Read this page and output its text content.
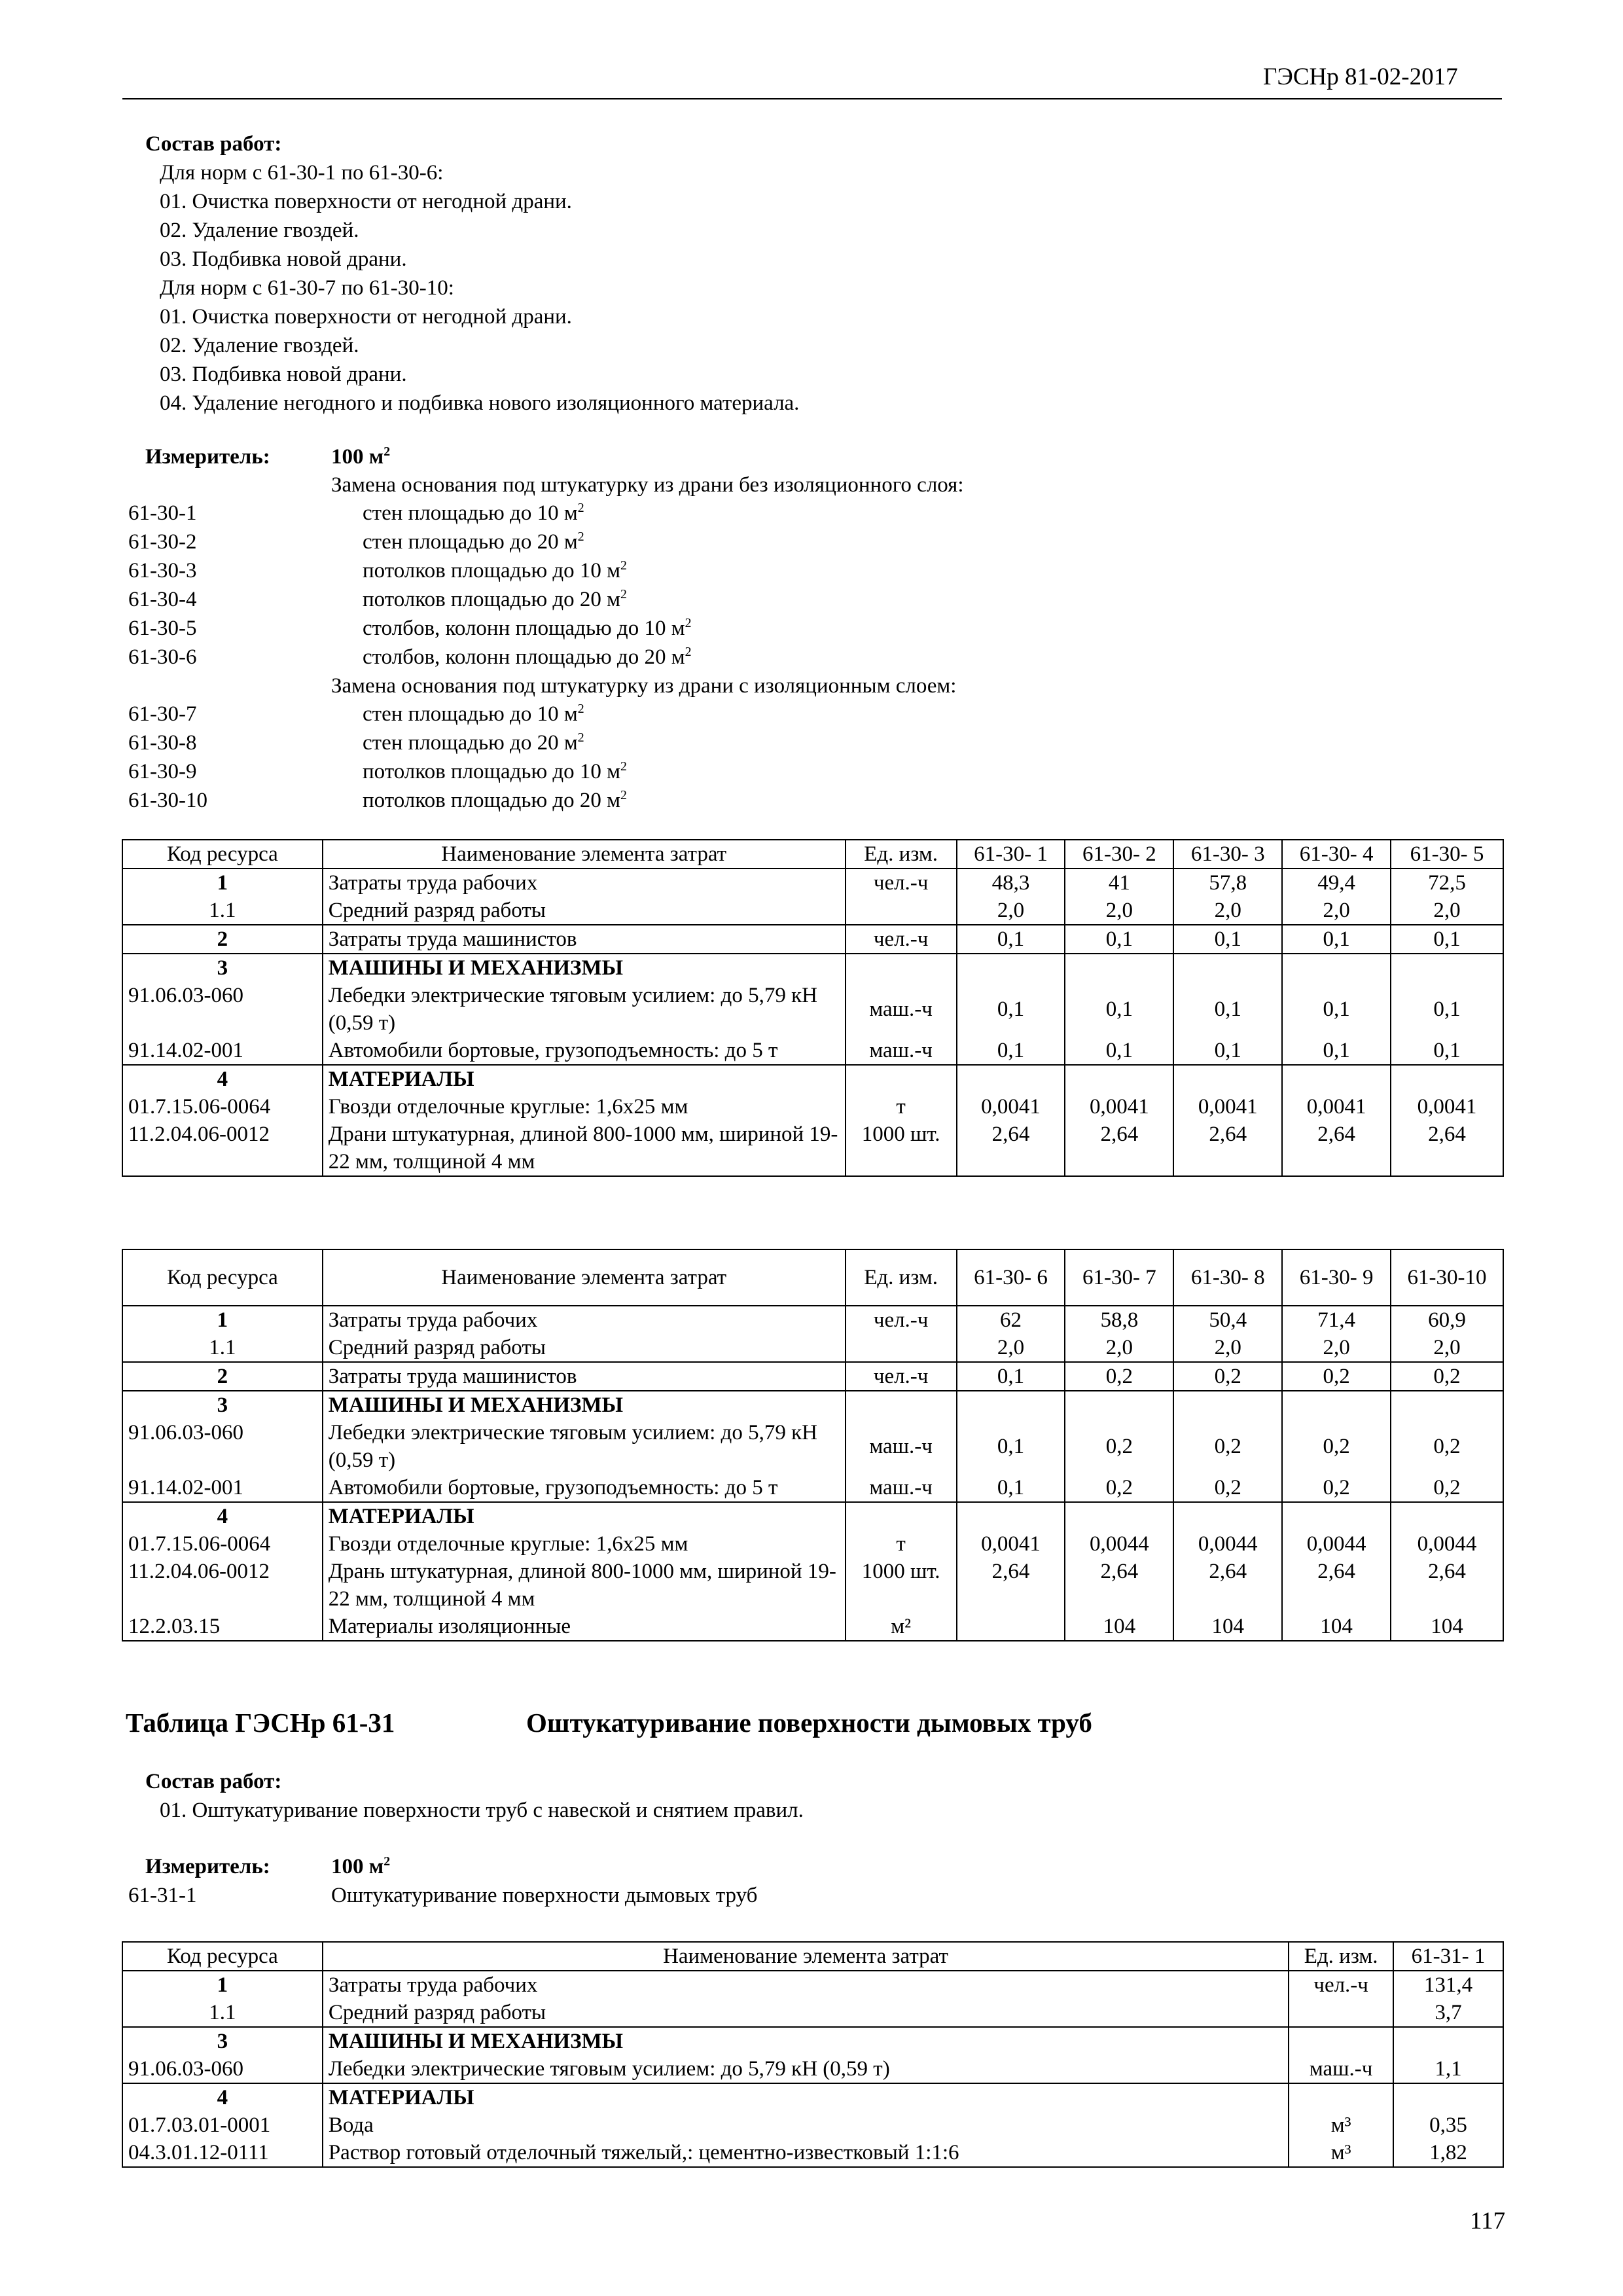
ГЭСНр 81-02-2017
Состав работ:
Для норм с 61-30-1 по 61-30-6:
01. Очистка поверхности от негодной драни.
02. Удаление гвоздей.
03. Подбивка новой драни.
Для норм с 61-30-7 по 61-30-10:
01. Очистка поверхности от негодной драни.
02. Удаление гвоздей.
03. Подбивка новой драни.
04. Удаление негодного и подбивка нового изоляционного материала.
Измеритель:	100 $м^2$
Замена основания под штукатурку из драни без изоляционного слоя:
61-30-1	стен площадью до 10 $м^2$
61-30-2	стен площадью до 20 $м^2$
61-30-3	потолков площадью до 10 $м^2$
61-30-4	потолков площадью до 20 $м^2$
61-30-5	столбов, колонн площадью до 10 $м^2$
61-30-6	столбов, колонн площадью до 20 $м^2$
Замена основания под штукатурку из драни с изоляционным слоем:
61-30-7	стен площадью до 10 $м^2$
61-30-8	стен площадью до 20 $м^2$
61-30-9	потолков площадью до 10 $м^2$
61-30-10	потолков площадью до 20 $м^2$
Код ресурса	Наименование элемента затрат	Ед. изм.	61-30- 1	61-30- 2	61-30- 3	61-30- 4	61-30- 5
1	Затраты труда рабочих	чел.-ч	48,3	41	57,8	49,4	72,5
1.1	Средний разряд работы		2,0	2,0	2,0	2,0	2,0
2	Затраты труда машинистов	чел.-ч	0,1	0,1	0,1	0,1	0,1
3	МАШИНЫ И МЕХАНИЗМЫ						
91.06.03-060	Лебедки электрические тяговым усилием: до 5,79 кН (0,59 т)	маш.-ч	0,1	0,1	0,1	0,1	0,1
91.14.02-001	Автомобили бортовые, грузоподъемность: до 5 т	маш.-ч	0,1	0,1	0,1	0,1	0,1
4	МАТЕРИАЛЫ						
01.7.15.06-0064	Гвозди отделочные круглые: 1,6х25 мм	т	0,0041	0,0041	0,0041	0,0041	0,0041
11.2.04.06-0012	Драни штукатурная, длиной 800-1000 мм, шириной 19-22 мм, толщиной 4 мм	1000 шт.	2,64	2,64	2,64	2,64	2,64
Код ресурса	Наименование элемента затрат	Ед. изм.	61-30- 6	61-30- 7	61-30- 8	61-30- 9	61-30-10
1	Затраты труда рабочих	чел.-ч	62	58,8	50,4	71,4	60,9
1.1	Средний разряд работы		2,0	2,0	2,0	2,0	2,0
2	Затраты труда машинистов	чел.-ч	0,1	0,2	0,2	0,2	0,2
3	МАШИНЫ И МЕХАНИЗМЫ						
91.06.03-060	Лебедки электрические тяговым усилием: до 5,79 кН (0,59 т)	маш.-ч	0,1	0,2	0,2	0,2	0,2
91.14.02-001	Автомобили бортовые, грузоподъемность: до 5 т	маш.-ч	0,1	0,2	0,2	0,2	0,2
4	МАТЕРИАЛЫ						
01.7.15.06-0064	Гвозди отделочные круглые: 1,6х25 мм	т	0,0041	0,0044	0,0044	0,0044	0,0044
11.2.04.06-0012	Дрань штукатурная, длиной 800-1000 мм, шириной 19-22 мм, толщиной 4 мм	1000 шт.	2,64	2,64	2,64	2,64	2,64
12.2.03.15	Материалы изоляционные	м²		104	104	104	104
Таблица ГЭСНр 61-31	Оштукатуривание поверхности дымовых труб
Состав работ:
01. Оштукатуривание поверхности труб с навеской и снятием правил.
Измеритель:	100 $м^2$
61-31-1	Оштукатуривание поверхности дымовых труб
Код ресурса	Наименование элемента затрат	Ед. изм.	61-31- 1
1	Затраты труда рабочих	чел.-ч	131,4
1.1	Средний разряд работы		3,7
3	МАШИНЫ И МЕХАНИЗМЫ		
91.06.03-060	Лебедки электрические тяговым усилием: до 5,79 кН (0,59 т)	маш.-ч	1,1
4	МАТЕРИАЛЫ		
01.7.03.01-0001	Вода	м³	0,35
04.3.01.12-0111	Раствор готовый отделочный тяжелый,: цементно-известковый 1:1:6	м³	1,82
117
